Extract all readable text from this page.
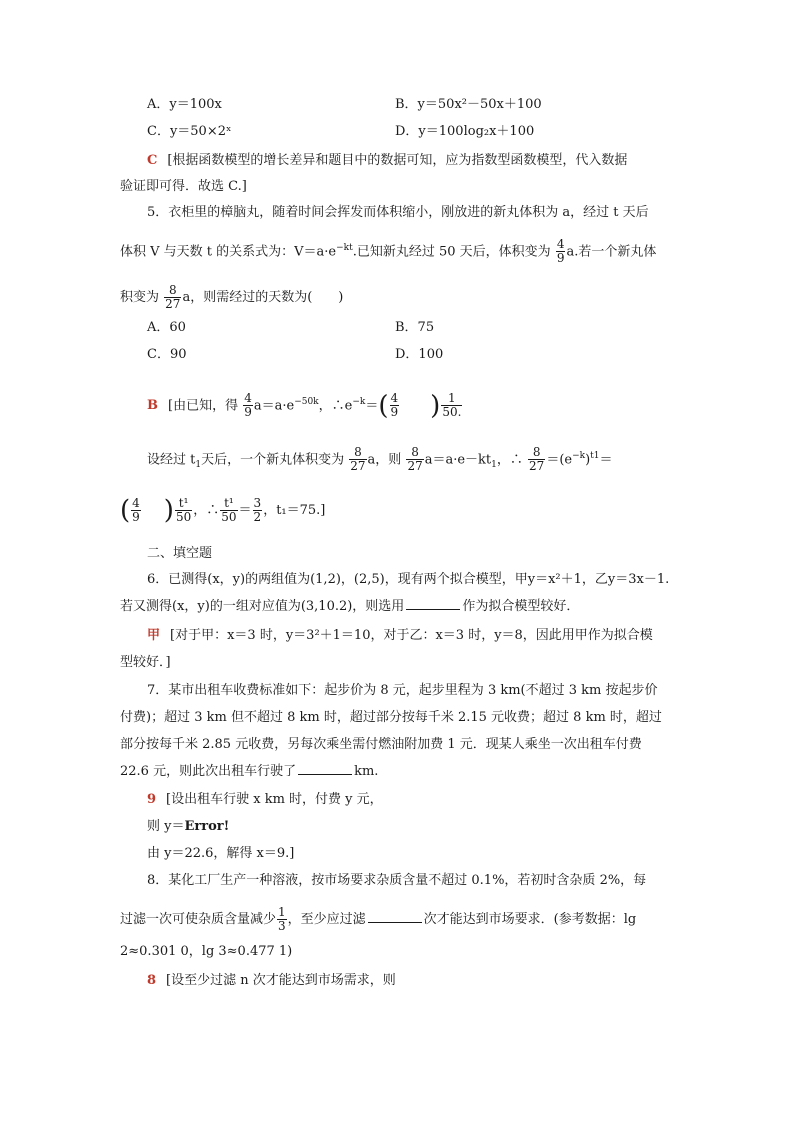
A．y＝100x	B．y＝50x²－50x＋100
C．y＝50×2ˣ	D．y＝100log₂x＋100
C [根据函数模型的增长差异和题目中的数据可知，应为指数型函数模型，代入数据
验证即可得．故选 C.]
5．衣柜里的樟脑丸，随着时间会挥发而体积缩小，刚放进的新丸体积为 a，经过 t 天后
体积 V 与天数 t 的关系式为：$V=a\cdot e^{-kt}$.已知新丸经过 50 天后，体积变为 $\frac{4}{9} a$.若一个新丸体
积变为 $\frac{8}{27}$ a，则需经过的天数为(　　)
A．60	B．75
C．90	D．100
B [由已知，得 $\frac{4}{9} a=a\cdot e^{-50k}$，$\therefore e^{-k}=( \frac{4}{9}$ ) $\frac{1}{50.}$
设经过 $t_1$天后，一个新丸体积变为 $\frac{8}{27}$ a，则 $\frac{8}{27} a=a\cdot e-kt_1$，∴ $\frac{8}{27} =(e^{-k})^{t1}=$
( $\frac{4}{9}$ ) $\frac{\text{t¹}}{50}$ ，∴ $\frac{\text{t¹}}{50} = \frac{3}{2}$ ，t₁＝75.]
二、填空题
6．已测得(x，y)的两组值为(1,2)，(2,5)，现有两个拟合模型，甲y＝x²＋1，乙y＝3x－1.
若又测得(x，y)的一组对应值为(3,10.2)，则选用	作为拟合模型较好．
甲 [对于甲：x＝3 时，y＝3²＋1＝10，对于乙：x＝3 时，y＝8，因此用甲作为拟合模
型较好．]
7．某市出租车收费标准如下：起步价为 8 元，起步里程为 3 km(不超过 3 km 按起步价
付费)；超过 3 km 但不超过 8 km 时，超过部分按每千米 2.15 元收费；超过 8 km 时，超过
部分按每千米 2.85 元收费，另每次乘坐需付燃油附加费 1 元．现某人乘坐一次出租车付费
22.6 元，则此次出租车行驶了	km.
9 [设出租车行驶 x km 时，付费 y 元，
则 y＝Error!
由 y＝22.6，解得 x＝9.]
8．某化工厂生产一种溶液，按市场要求杂质含量不超过 0.1%，若初时含杂质 2%，每
过滤一次可使杂质含量减少 $\frac{1}{3}$ ，至少应过滤	次才能达到市场要求．(参考数据：lg
2≈0.301 0，lg 3≈0.477 1)
8 [设至少过滤 n 次才能达到市场需求，则
